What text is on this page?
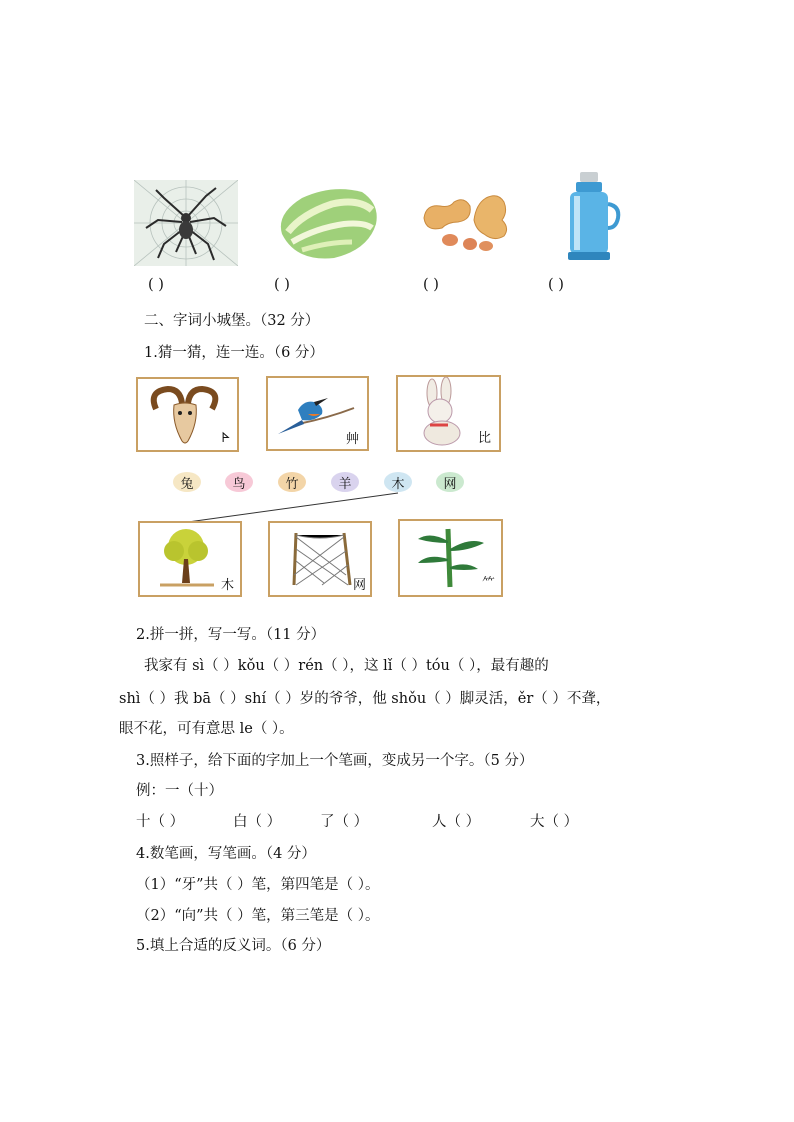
( )	( )	( )	( )
二、字词小城堡。（32 分）
1.猜一猜，连一连。（6 分）
𐊀	⾋	⽐
兔	鸟	竹	羊	木	网
⽊	⽹	⺮
2.拼一拼，写一写。（11 分）
我家有 sì（ ）kǒu（ ）rén（ ），这 lǐ（ ）tóu（ ），最有趣的
shì（ ）我 bā（ ）shí（ ）岁的爷爷，他 shǒu（ ）脚灵活，ěr（ ）不聋，
眼不花，可有意思 le（ ）。
3.照样子，给下面的字加上一个笔画，变成另一个字。（5 分）
例：一（十）
十（ ）	白（ ）	了（ ）	人（ ）	大（ ）
4.数笔画，写笔画。（4 分）
（1）“牙”共（ ）笔，第四笔是（ ）。
（2）“向”共（ ）笔，第三笔是（ ）。
5.填上合适的反义词。（6 分）
